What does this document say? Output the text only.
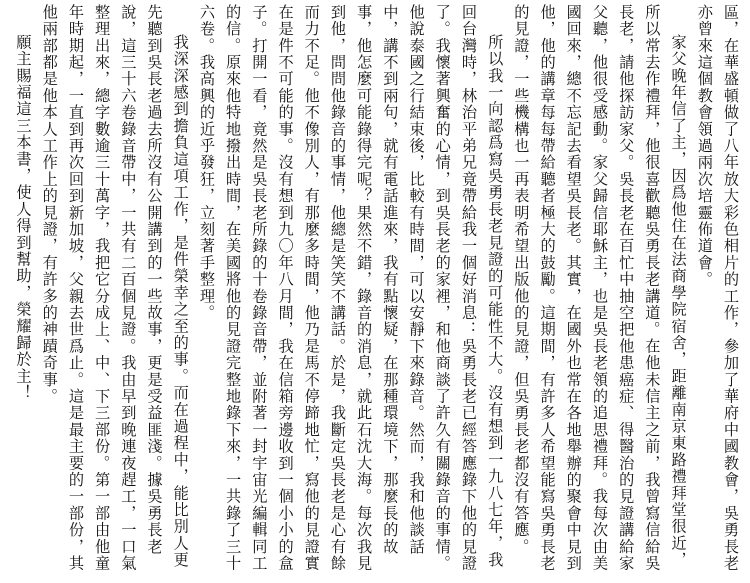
區，在華盛頓做了八年放大彩色相片的工作，參加了華府中國教會，吳勇長老亦曾來這個教會領過兩次培靈佈道會。

家父晚年信了主，因爲他住在法商學院宿舍，距離南京東路禮拜堂很近，所以常去作禮拜，他很喜歡聽吳勇長老講道。在他未信主之前，我曾寫信給吳長老，請他探訪家父。吳長老在百忙中抽空把他患癌症、得醫治的見證講給家父聽，他很受感動。家父歸信耶穌主，也是吳長老領的追思禮拜。我每次由美國回來，總不忘記去看望吳長老。其實，在國外也常在各地舉辦的聚會中見到他，他的講章每每帶給聽者極大的鼓勵。這期間，有許多人希望能寫吳勇長老的見證，一些機構也一再表明希望出版他的見證，但吳勇長老都沒有答應。

所以我一向認爲寫吳勇長老見證的可能性不大。沒有想到一九八七年，我回台灣時，林治平弟兄竟帶給我一個好消息：吳勇長老已經答應錄下他的見證了。我懷著興奮的心情，到吳長老的家裡，和他商談了許久有關錄音的事情。他說泰國之行結束後，比較有時間，可以安靜下來錄音。然而，我和他談話中，講不到兩句，就有電話進來，我有點懷疑，在那種環境下，那麼長的故事，他怎麼可能錄得完呢？果然不錯，錄音的消息，就此石沈大海。每次我見到他，問問他錄音的事情，他總是笑笑不講話。於是，我斷定吳長老是心有餘而力不足。他不像別人，有那麼多時間，他乃是馬不停蹄地忙，寫他的見證實在是件不可能的事。沒有想到九〇年八月間，我在信箱旁邊收到一個小小的盒子。打開一看，竟然是吳長老所錄的十卷錄音帶，並附著一封宇宙光編輯同工的信。原來他特地撥出時間，在美國將他的見證完整地錄下來，一共錄了三十六卷。我高興的近乎發狂，立刻著手整理。

我深深感到擔負這項工作，是件榮幸之至的事。而在過程中，能比別人更先聽到吳長老過去所沒有公開講到的一些故事，更是受益匪淺。據吳勇長老說，這三十六卷錄音帶中，一共有二百個見證。我由早到晚連夜趕工，一口氣整理出來，總字數逾三十萬字，我把它分成上、中、下三部份。第一部由他童年時期起，一直到再次回到新加坡，父親去世爲止。這是最主要的一部份，其他兩部都是他本人工作上的見證，有許多的神蹟奇事。

願主賜福這三本書，使人得到幫助，榮耀歸於主！
